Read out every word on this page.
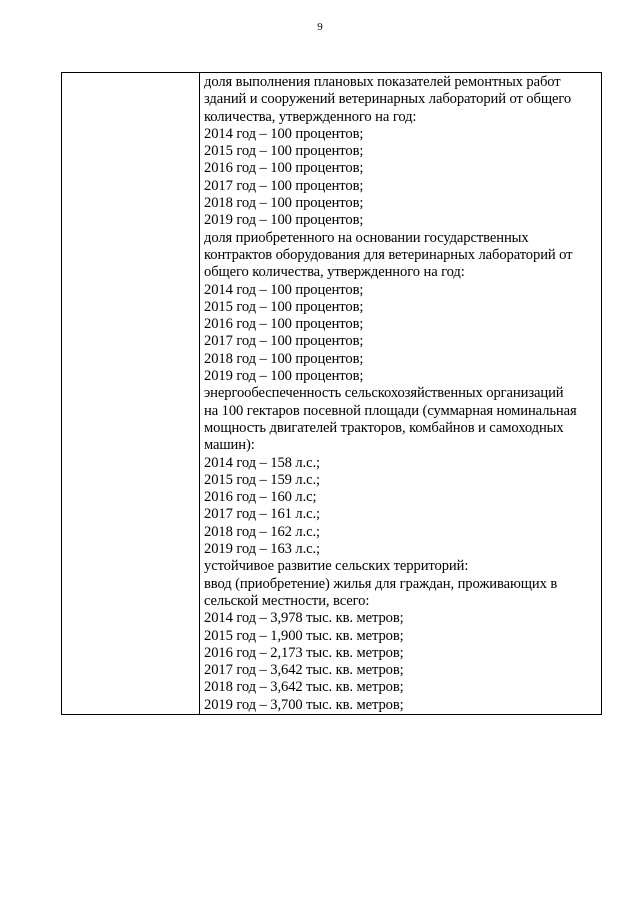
9
доля выполнения плановых показателей ремонтных работ
зданий и сооружений ветеринарных лабораторий от общего
количества, утвержденного на год:
2014 год – 100 процентов;
2015 год – 100 процентов;
2016 год – 100 процентов;
2017 год – 100 процентов;
2018 год – 100 процентов;
2019 год – 100 процентов;
доля приобретенного на основании государственных
контрактов оборудования для ветеринарных лабораторий от
общего количества, утвержденного на год:
2014 год – 100 процентов;
2015 год – 100 процентов;
2016 год – 100 процентов;
2017 год – 100 процентов;
2018 год – 100 процентов;
2019 год – 100 процентов;
энергообеспеченность сельскохозяйственных организаций
на 100 гектаров посевной площади (суммарная номинальная
мощность двигателей тракторов, комбайнов и самоходных
машин):
2014 год – 158 л.с.;
2015 год – 159 л.с.;
2016 год – 160 л.с;
2017 год – 161 л.с.;
2018 год – 162 л.с.;
2019 год – 163 л.с.;
устойчивое развитие сельских территорий:
ввод (приобретение) жилья для граждан, проживающих в
сельской местности, всего:
2014 год – 3,978 тыс. кв. метров;
2015 год – 1,900 тыс. кв. метров;
2016 год – 2,173 тыс. кв. метров;
2017 год – 3,642 тыс. кв. метров;
2018 год – 3,642 тыс. кв. метров;
2019 год – 3,700 тыс. кв. метров;
